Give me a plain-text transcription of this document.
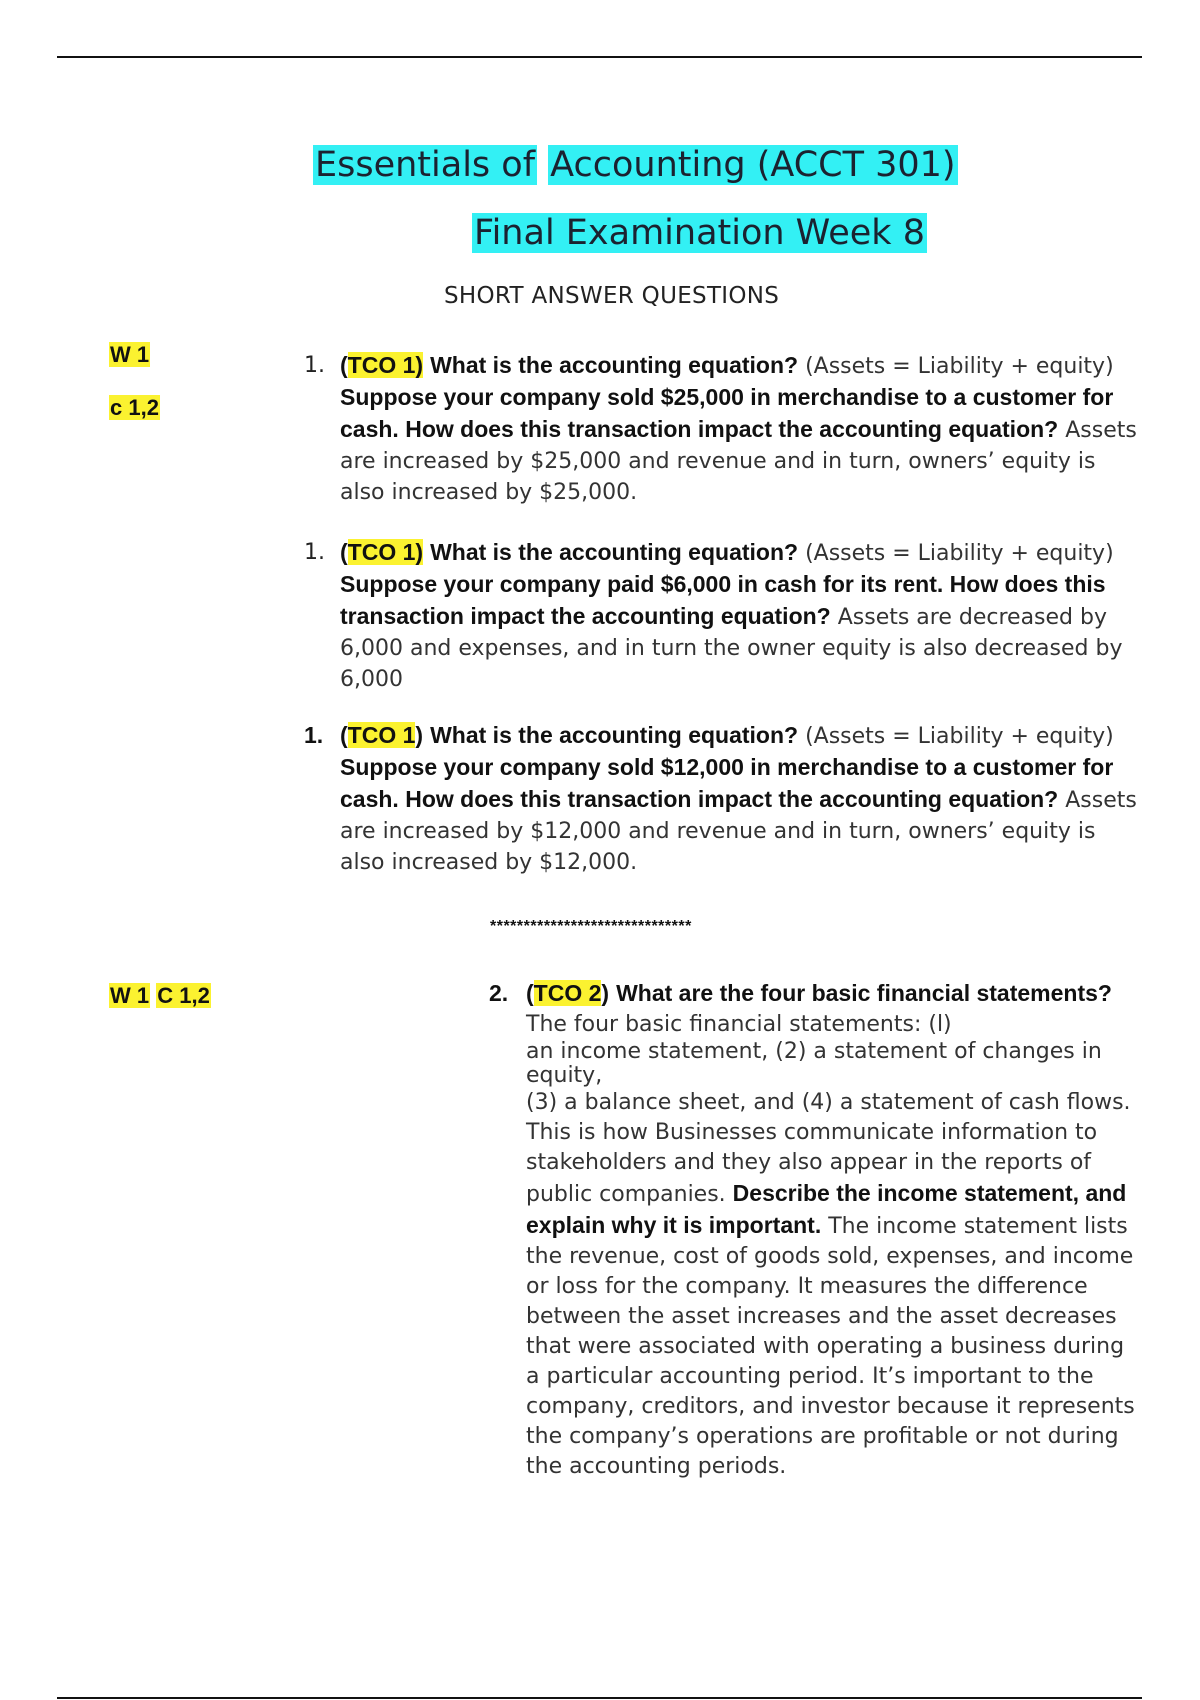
Essentials of Accounting (ACCT 301)
Final Examination Week 8
SHORT ANSWER QUESTIONS
W 1
c 1,2
1. (TCO 1) What is the accounting equation? (Assets = Liability + equity) Suppose your company sold $25,000 in merchandise to a customer for cash. How does this transaction impact the accounting equation? Assets are increased by $25,000 and revenue and in turn, owners’ equity is also increased by $25,000.
1. (TCO 1) What is the accounting equation? (Assets = Liability + equity) Suppose your company paid $6,000 in cash for its rent. How does this transaction impact the accounting equation? Assets are decreased by 6,000 and expenses, and in turn the owner equity is also decreased by 6,000
1. (TCO 1) What is the accounting equation? (Assets = Liability + equity) Suppose your company sold $12,000 in merchandise to a customer for cash. How does this transaction impact the accounting equation? Assets are increased by $12,000 and revenue and in turn, owners’ equity is also increased by $12,000.
******************************
W 1 C 1,2	2. (TCO 2) What are the four basic financial statements? The four basic financial statements: (l)
an income statement, (2) a statement of changes in equity,
(3) a balance sheet, and (4) a statement of cash flows. This is how Businesses communicate information to stakeholders and they also appear in the reports of public companies. Describe the income statement, and explain why it is important. The income statement lists the revenue, cost of goods sold, expenses, and income or loss for the company. It measures the difference between the asset increases and the asset decreases that were associated with operating a business during a particular accounting period. It’s important to the company, creditors, and investor because it represents the company’s operations are profitable or not during the accounting periods.
